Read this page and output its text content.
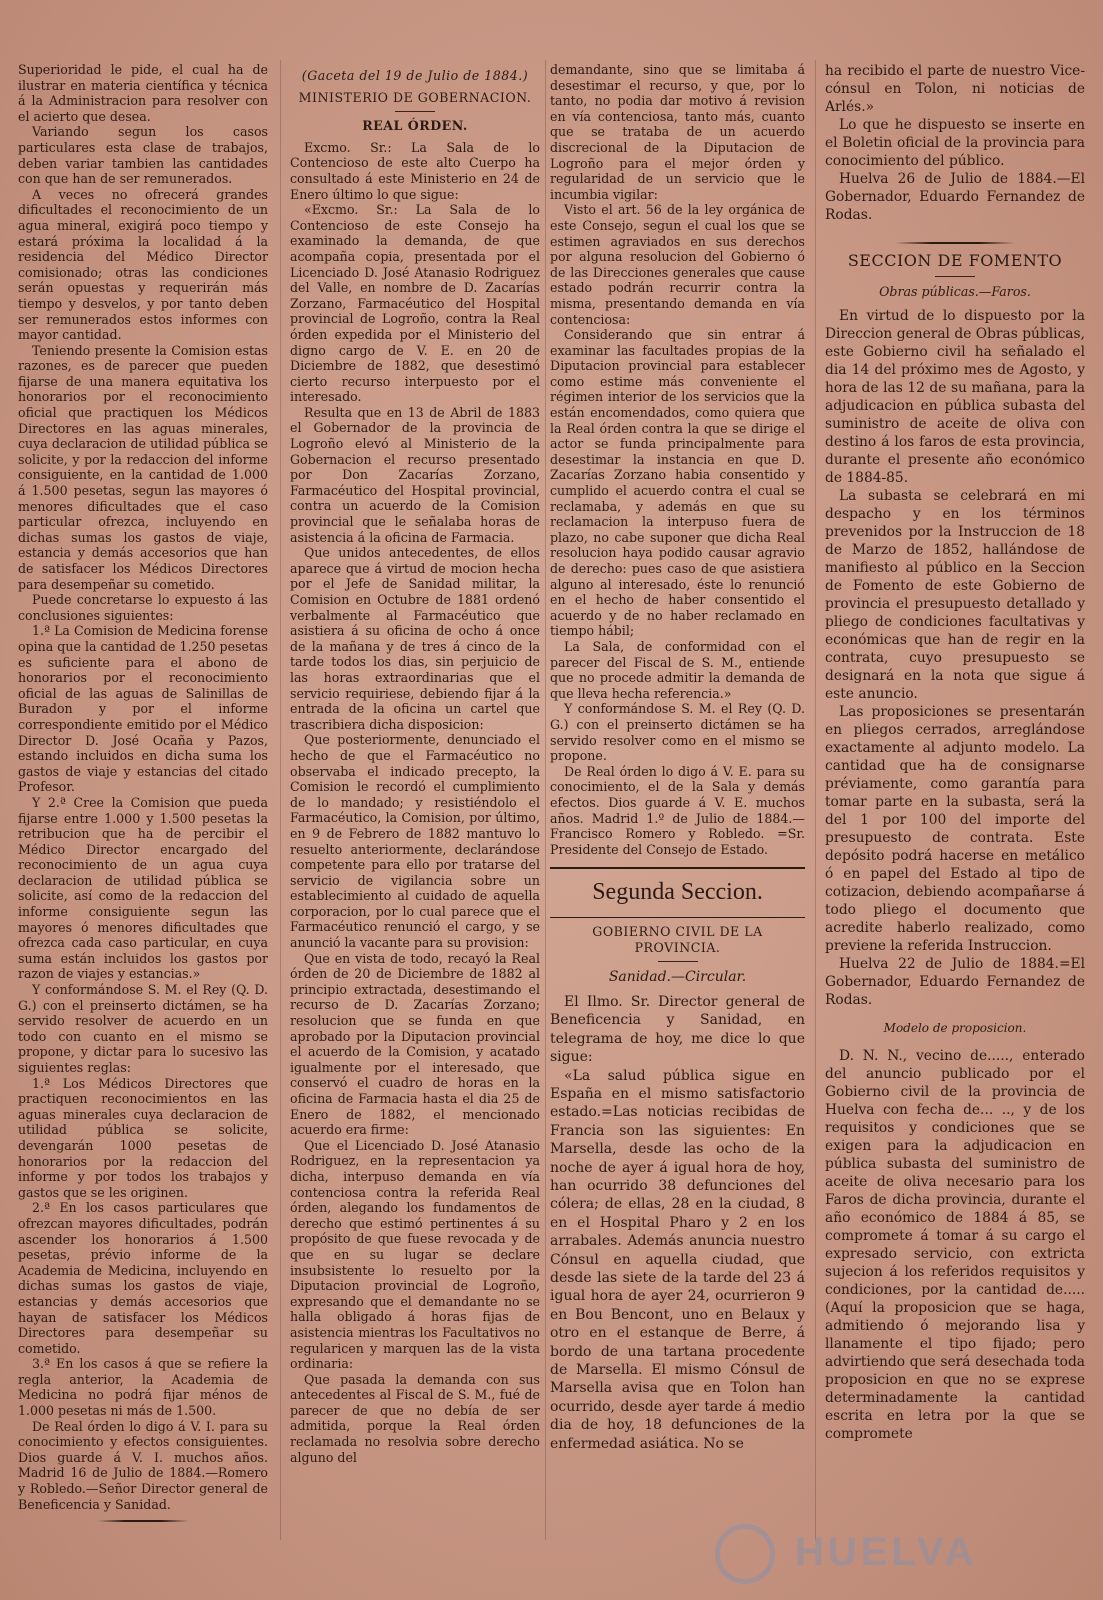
Superioridad le pide, el cual ha de ilustrar en materia científica y técnica á la Administracion para resolver con el acierto que desea.

Variando segun los casos particulares esta clase de trabajos, deben variar tambien las cantidades con que han de ser remunerados.

A veces no ofrecerá grandes dificultades el reconocimiento de un agua mineral, exigirá poco tiempo y estará próxima la localidad á la residencia del Médico Director comisionado; otras las condiciones serán opuestas y requerirán más tiempo y desvelos, y por tanto deben ser remunerados estos informes con mayor cantidad.

Teniendo presente la Comision estas razones, es de parecer que pueden fijarse de una manera equitativa los honorarios por el reconocimiento oficial que practiquen los Médicos Directores en las aguas minerales, cuya declaracion de utilidad pública se solicite, y por la redaccion del informe consiguiente, en la cantidad de 1.000 á 1.500 pesetas, segun las mayores ó menores dificultades que el caso particular ofrezca, incluyendo en dichas sumas los gastos de viaje, estancia y demás accesorios que han de satisfacer los Médicos Directores para desempeñar su cometido.

Puede concretarse lo expuesto á las conclusiones siguientes:

1.ª La Comision de Medicina forense opina que la cantidad de 1.250 pesetas es suficiente para el abono de honorarios por el reconocimiento oficial de las aguas de Salinillas de Buradon y por el informe correspondiente emitido por el Médico Director D. José Ocaña y Pazos, estando incluidos en dicha suma los gastos de viaje y estancias del citado Profesor.

Y 2.ª Cree la Comision que pueda fijarse entre 1.000 y 1.500 pesetas la retribucion que ha de percibir el Médico Director encargado del reconocimiento de un agua cuya declaracion de utilidad pública se solicite, así como de la redaccion del informe consiguiente segun las mayores ó menores dificultades que ofrezca cada caso particular, en cuya suma están incluidos los gastos por razon de viajes y estancias.»

Y conformándose S. M. el Rey (Q. D. G.) con el preinserto dictámen, se ha servido resolver de acuerdo en un todo con cuanto en el mismo se propone, y dictar para lo sucesivo las siguientes reglas:

1.ª Los Médicos Directores que practiquen reconocimientos en las aguas minerales cuya declaracion de utilidad pública se solicite, devengarán 1000 pesetas de honorarios por la redaccion del informe y por todos los trabajos y gastos que se les originen.

2.ª En los casos particulares que ofrezcan mayores dificultades, podrán ascender los honorarios á 1.500 pesetas, prévio informe de la Academia de Medicina, incluyendo en dichas sumas los gastos de viaje, estancias y demás accesorios que hayan de satisfacer los Médicos Directores para desempeñar su cometido.

3.ª En los casos á que se refiere la regla anterior, la Academia de Medicina no podrá fijar ménos de 1.000 pesetas ni más de 1.500.

De Real órden lo digo á V. I. para su conocimiento y efectos consiguientes. Dios guarde á V. I. muchos años. Madrid 16 de Julio de 1884.—Romero y Robledo.—Señor Director general de Beneficencia y Sanidad.

(Gaceta del 19 de Julio de 1884.)

MINISTERIO DE GOBERNACION.

REAL ÓRDEN.

Excmo. Sr.: La Sala de lo Contencioso de este alto Cuerpo ha consultado á este Ministerio en 24 de Enero último lo que sigue:

«Excmo. Sr.: La Sala de lo Contencioso de este Consejo ha examinado la demanda, de que acompaña copia, presentada por el Licenciado D. José Atanasio Rodriguez del Valle, en nombre de D. Zacarías Zorzano, Farmacéutico del Hospital provincial de Logroño, contra la Real órden expedida por el Ministerio del digno cargo de V. E. en 20 de Diciembre de 1882, que desestimó cierto recurso interpuesto por el interesado.

Resulta que en 13 de Abril de 1883 el Gobernador de la provincia de Logroño elevó al Ministerio de la Gobernacion el recurso presentado por Don Zacarías Zorzano, Farmacéutico del Hospital provincial, contra un acuerdo de la Comision provincial que le señalaba horas de asistencia á la oficina de Farmacia.

Que unidos antecedentes, de ellos aparece que á virtud de mocion hecha por el Jefe de Sanidad militar, la Comision en Octubre de 1881 ordenó verbalmente al Farmacéutico que asistiera á su oficina de ocho á once de la mañana y de tres á cinco de la tarde todos los dias, sin perjuicio de las horas extraordinarias que el servicio requiriese, debiendo fijar á la entrada de la oficina un cartel que trascribiera dicha disposicion:

Que posteriormente, denunciado el hecho de que el Farmacéutico no observaba el indicado precepto, la Comision le recordó el cumplimiento de lo mandado; y resistiéndolo el Farmacéutico, la Comision, por último, en 9 de Febrero de 1882 mantuvo lo resuelto anteriormente, declarándose competente para ello por tratarse del servicio de vigilancia sobre un establecimiento al cuidado de aquella corporacion, por lo cual parece que el Farmacéutico renunció el cargo, y se anunció la vacante para su provision:

Que en vista de todo, recayó la Real órden de 20 de Diciembre de 1882 al principio extractada, desestimando el recurso de D. Zacarías Zorzano; resolucion que se funda en que aprobado por la Diputacion provincial el acuerdo de la Comision, y acatado igualmente por el interesado, que conservó el cuadro de horas en la oficina de Farmacia hasta el dia 25 de Enero de 1882, el mencionado acuerdo era firme:

Que el Licenciado D. José Atanasio Rodriguez, en la representacion ya dicha, interpuso demanda en vía contenciosa contra la referida Real órden, alegando los fundamentos de derecho que estimó pertinentes á su propósito de que fuese revocada y de que en su lugar se declare insubsistente lo resuelto por la Diputacion provincial de Logroño, expresando que el demandante no se halla obligado á horas fijas de asistencia mientras los Facultativos no regularicen y marquen las de la vista ordinaria:

Que pasada la demanda con sus antecedentes al Fiscal de S. M., fué de parecer de que no debía de ser admitida, porque la Real órden reclamada no resolvia sobre derecho alguno del

demandante, sino que se limitaba á desestimar el recurso, y que, por lo tanto, no podia dar motivo á revision en vía contenciosa, tanto más, cuanto que se trataba de un acuerdo discrecional de la Diputacion de Logroño para el mejor órden y regularidad de un servicio que le incumbia vigilar:

Visto el art. 56 de la ley orgánica de este Consejo, segun el cual los que se estimen agraviados en sus derechos por alguna resolucion del Gobierno ó de las Direcciones generales que cause estado podrán recurrir contra la misma, presentando demanda en vía contenciosa:

Considerando que sin entrar á examinar las facultades propias de la Diputacion provincial para establecer como estime más conveniente el régimen interior de los servicios que la están encomendados, como quiera que la Real órden contra la que se dirige el actor se funda principalmente para desestimar la instancia en que D. Zacarías Zorzano habia consentido y cumplido el acuerdo contra el cual se reclamaba, y además en que su reclamacion la interpuso fuera de plazo, no cabe suponer que dicha Real resolucion haya podido causar agravio de derecho: pues caso de que asistiera alguno al interesado, éste lo renunció en el hecho de haber consentido el acuerdo y de no haber reclamado en tiempo hábil;

La Sala, de conformidad con el parecer del Fiscal de S. M., entiende que no procede admitir la demanda de que lleva hecha referencia.»

Y conformándose S. M. el Rey (Q. D. G.) con el preinserto dictámen se ha servido resolver como en el mismo se propone.

De Real órden lo digo á V. E. para su conocimiento, el de la Sala y demás efectos. Dios guarde á V. E. muchos años. Madrid 1.º de Julio de 1884.—Francisco Romero y Robledo. =Sr. Presidente del Consejo de Estado.

Segunda Seccion.

GOBIERNO CIVIL DE LA PROVINCIA.

Sanidad.—Circular.

El Ilmo. Sr. Director general de Beneficencia y Sanidad, en telegrama de hoy, me dice lo que sigue:

«La salud pública sigue en España en el mismo satisfactorio estado.=Las noticias recibidas de Francia son las siguientes: En Marsella, desde las ocho de la noche de ayer á igual hora de hoy, han ocurrido 38 defunciones del cólera; de ellas, 28 en la ciudad, 8 en el Hospital Pharo y 2 en los arrabales. Además anuncia nuestro Cónsul en aquella ciudad, que desde las siete de la tarde del 23 á igual hora de ayer 24, ocurrieron 9 en Bou Bencont, uno en Belaux y otro en el estanque de Berre, á bordo de una tartana procedente de Marsella. El mismo Cónsul de Marsella avisa que en Tolon han ocurrido, desde ayer tarde á medio dia de hoy, 18 defunciones de la enfermedad asiática. No se

ha recibido el parte de nuestro Vice-cónsul en Tolon, ni noticias de Arlés.»

Lo que he dispuesto se inserte en el Boletin oficial de la provincia para conocimiento del público.

Huelva 26 de Julio de 1884.—El Gobernador, Eduardo Fernandez de Rodas.

SECCION DE FOMENTO

Obras públicas.—Faros.

En virtud de lo dispuesto por la Direccion general de Obras públicas, este Gobierno civil ha señalado el dia 14 del próximo mes de Agosto, y hora de las 12 de su mañana, para la adjudicacion en pública subasta del suministro de aceite de oliva con destino á los faros de esta provincia, durante el presente año económico de 1884-85.

La subasta se celebrará en mi despacho y en los términos prevenidos por la Instruccion de 18 de Marzo de 1852, hallándose de manifiesto al público en la Seccion de Fomento de este Gobierno de provincia el presupuesto detallado y pliego de condiciones facultativas y económicas que han de regir en la contrata, cuyo presupuesto se designará en la nota que sigue á este anuncio.

Las proposiciones se presentarán en pliegos cerrados, arreglándose exactamente al adjunto modelo. La cantidad que ha de consignarse préviamente, como garantía para tomar parte en la subasta, será la del 1 por 100 del importe del presupuesto de contrata. Este depósito podrá hacerse en metálico ó en papel del Estado al tipo de cotizacion, debiendo acompañarse á todo pliego el documento que acredite haberlo realizado, como previene la referida Instruccion.

Huelva 22 de Julio de 1884.=El Gobernador, Eduardo Fernandez de Rodas.

Modelo de proposicion.

D. N. N., vecino de....., enterado del anuncio publicado por el Gobierno civil de la provincia de Huelva con fecha de... .., y de los requisitos y condiciones que se exigen para la adjudicacion en pública subasta del suministro de aceite de oliva necesario para los Faros de dicha provincia, durante el año económico de 1884 á 85, se compromete á tomar á su cargo el expresado servicio, con extricta sujecion á los referidos requisitos y condiciones, por la cantidad de..... (Aquí la proposicion que se haga, admitiendo ó mejorando lisa y llanamente el tipo fijado; pero advirtiendo que será desechada toda proposicion en que no se exprese determinadamente la cantidad escrita en letra por la que se compromete

HUELVA
